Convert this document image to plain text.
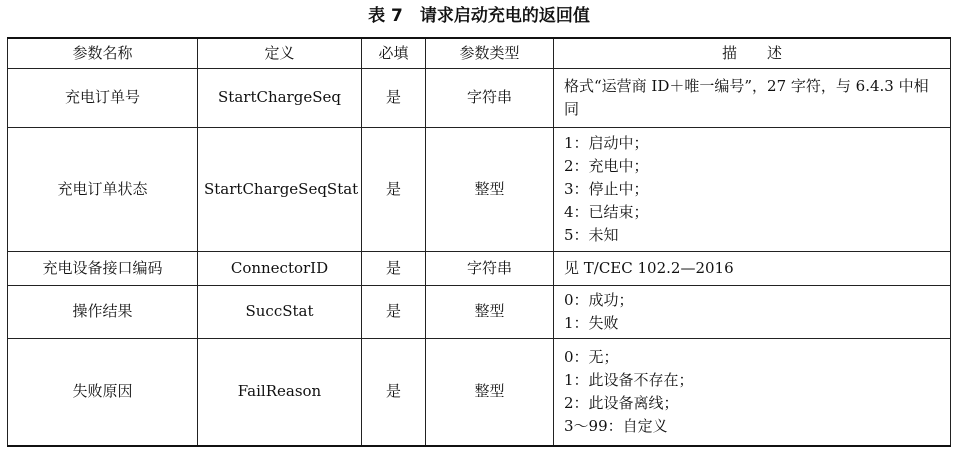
表 7　请求启动充电的返回值
参数名称	定义	必填	参数类型	描　　述
充电订单号	StartChargeSeq	是	字符串	格式“运营商 ID＋唯一编号”，27 字符，与 6.4.3 中相同

充电订单状态	StartChargeSeqStat	是	整型	1：启动中；
2：充电中；
3：停止中；
4：已结束；
5：未知

充电设备接口编码	ConnectorID	是	字符串	见 T/CEC 102.2—2016

操作结果	SuccStat	是	整型	0：成功；
1：失败

失败原因	FailReason	是	整型	0：无；
1：此设备不存在；
2：此设备离线；
3～99：自定义
